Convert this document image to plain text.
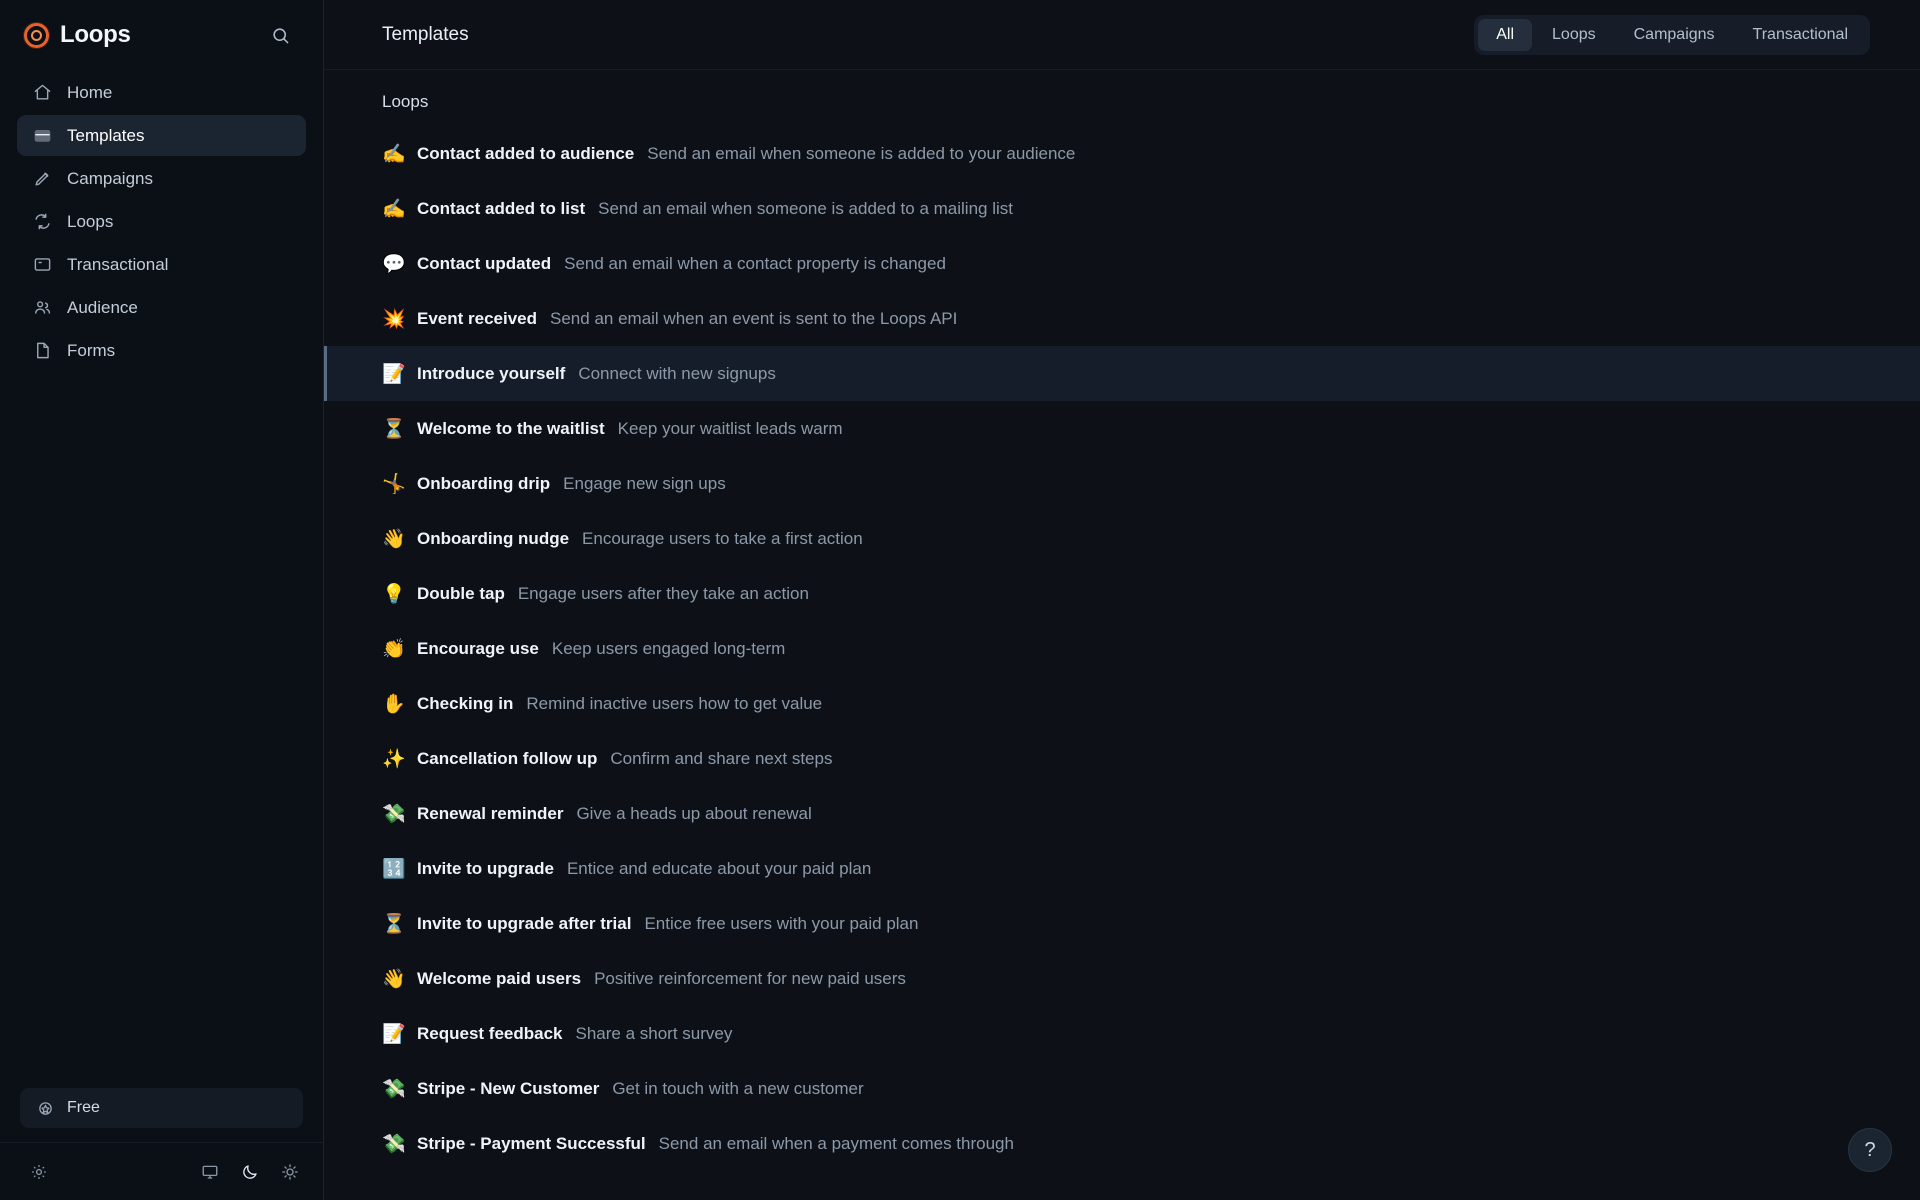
Loops
Home
Templates
Campaigns
Loops
Transactional
Audience
Forms
Free
Templates	All	Loops	Campaigns	Transactional
Loops
✍️ Contact added to audience Send an email when someone is added to your audience
✍️ Contact added to list Send an email when someone is added to a mailing list
💬 Contact updated Send an email when a contact property is changed
💥 Event received Send an email when an event is sent to the Loops API
📝 Introduce yourself Connect with new signups
⏳ Welcome to the waitlist Keep your waitlist leads warm
🤸 Onboarding drip Engage new sign ups
👋 Onboarding nudge Encourage users to take a first action
💡 Double tap Engage users after they take an action
👏 Encourage use Keep users engaged long-term
✋ Checking in Remind inactive users how to get value
✨ Cancellation follow up Confirm and share next steps
💸 Renewal reminder Give a heads up about renewal
🔢 Invite to upgrade Entice and educate about your paid plan
⏳ Invite to upgrade after trial Entice free users with your paid plan
👋 Welcome paid users Positive reinforcement for new paid users
📝 Request feedback Share a short survey
💸 Stripe - New Customer Get in touch with a new customer
💸 Stripe - Payment Successful Send an email when a payment comes through	?
